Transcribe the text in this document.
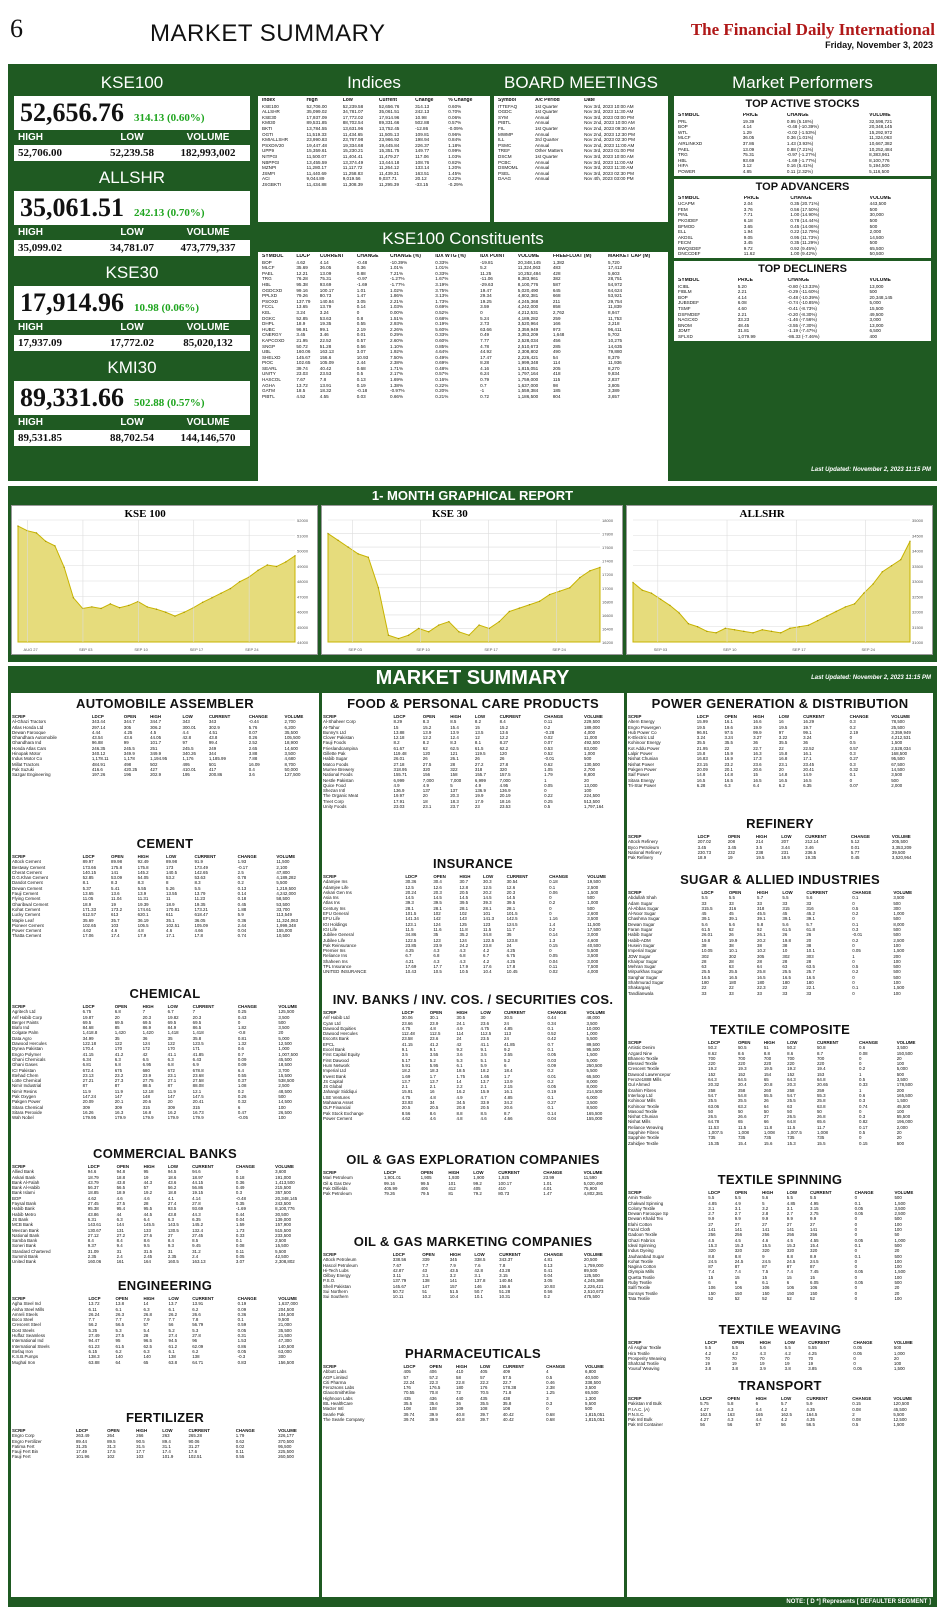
6	MARKET SUMMARY	The Financial Daily International
Friday, November 3, 2023
KSE100
52,656.76 314.13 (0.60%)
HIGH	LOW	VOLUME
52,706.00	52,239.58	182,993,002
ALLSHR
35,061.51 242.13 (0.70%)
HIGH	LOW	VOLUME
35,099.02	34,781.07	473,779,337
KSE30
17,914.96 10.98 (0.06%)
HIGH	LOW	VOLUME
17,937.09	17,772.02	85,020,132
KMI30
89,331.66 502.88 (0.57%)
HIGH	LOW	VOLUME
89,531.85	88,702.54	144,146,570
Indices
Index	High	Low	Current	Change	% Change
KSE100	52,706.00	52,239.58	52,656.76	314.13	0.60%
ALLSHR	35,099.02	34,781.07	35,061.51	242.13	0.70%
KSE30	17,937.09	17,772.02	17,914.96	10.98	0.06%
KMI30	89,531.85	88,702.54	89,331.66	502.88	0.57%
BKTI	13,784.55	13,631.96	13,752.45	-12.86	-0.09%
OGTI	11,519.33	11,434.65	11,505.13	109.81	0.96%
KMIALLSHR	23,990.83	23,767.98	23,966.92	198.94	0.84%
PSXDIV20	19,447.48	19,334.68	19,445.84	226.37	1.18%
UPP9	15,359.61	15,230.21	15,351.75	149.77	0.99%
NITPGI	11,500.07	11,404.41	11,479.27	117.06	1.03%
NBPPGI	13,455.59	13,374.49	13,444.18	108.76	0.82%
MZNPI	11,280.17	11,117.72	11,264.12	133.14	1.20%
JSMFI	11,440.69	11,258.83	11,439.31	163.51	1.45%
ACI	9,044.89	9,019.56	9,037.71	20.12	0.22%
JSGBKTI	11,434.88	11,308.39	11,295.39	-33.15	-0.29%
BOARD MEETINGS
Symbol	A/c Period	Date
ITTEFAQ	1st Quarter	Nov 3rd, 2023 10:00 AM
OGDC	1st Quarter	Nov 3rd, 2023 11:30 AM
SYM	Annual	Nov 3rd, 2023 03:00 PM
PIBTL	Annual	Nov 2nd, 2023 10:00 AM
FIL	1st Quarter	Nov 2nd, 2023 09:30 AM
MWMP	Annual	Nov 2nd, 2023 12:30 PM
ILL	3rd Quarter	Nov 2nd, 2023 02:30 PM
PSMC	Annual	Nov 2nd, 2023 11:00 AM
TREF	Other Matters	Nov 3rd, 2023 01:00 PM
DSCM	1st Quarter	Nov 3rd, 2023 10:00 AM
PCBC	Annual	Nov 3rd, 2023 11:00 AM
DSMOML	Annual	Nov 3rd, 2023 11:30 AM
PSEL	Annual	Nov 3rd, 2023 02:30 PM
DAAG	Annual	Nov 4th, 2023 03:00 PM
KSE100 Constituents
SYMBOL	LDCP	CURRENT	CHANGE	CHANGE (%)	IDX WTG (%)	IDX POINT	VOLUME	FREEFLOAT (M)	MARKET CAP (M)
BOP	4.62	4.14	-0.48	-10.39%	0.33%	-19.81	20,348,145	1,382	5,720
MLCF	35.69	36.05	0.36	1.01%	1.01%	5.2	11,324,063	483	17,412
PAEL	12.21	13.09	0.88	7.21%	0.33%	11.25	10,252,484	428	5,603
TRG	76.28	75.31	-0.97	-1.27%	1.67%	-11.06	8,383,961	382	28,751
HBL	95.38	93.69	-1.69	-1.77%	3.19%	-29.63	8,100,776	587	54,972
OGDCXD	99.16	100.17	1.01	1.02%	3.75%	19.47	5,020,490	645	64,624
PPLXD	79.26	80.73	1.47	1.86%	3.13%	29.34	4,802,381	668	53,921
PSOXD	137.79	140.84	3.05	2.21%	1.73%	19.25	4,245,368	211	29,754
FCCL	13.65	13.79	0.14	1.03%	0.69%	3.59	4,242,000	858	11,839
KEL	3.24	3.24	0	0.00%	0.52%	0	4,212,531	2,762	8,947
DGKC	52.85	53.63	0.8	1.51%	0.68%	5.24	4,189,282	259	11,753
DHPL	18.9	19.35	0.55	2.93%	0.19%	2.73	3,520,964	166	3,218
HUBC	96.91	99.1	2.19	2.26%	5.60%	63.66	3,359,949	973	96,411
CNERGY	3.45	3.46	0.01	0.29%	0.33%	0.49	3,353,209	1,648	5,702
KAPCOXD	21.95	22.52	0.57	2.60%	0.60%	7.77	2,528,034	456	10,275
SNGP	50.72	51.28	0.56	1.10%	0.85%	4.78	2,510,673	285	14,635
UBL	160.06	163.13	3.07	1.92%	4.64%	44.92	2,308,802	490	79,880
SHELXD	145.67	156.6	10.93	7.50%	0.49%	17.47	2,226,421	54	8,379
PIOC	102.65	105.09	2.44	2.38%	0.69%	8.28	1,999,348	114	11,936
SEARL	39.74	40.42	0.68	1.71%	0.48%	4.16	1,815,051	205	8,270
UNITY	23.03	23.53	0.5	2.17%	0.57%	6.24	1,797,164	418	9,834
HASCOL	7.67	7.8	0.13	1.69%	0.16%	0.79	1,759,000	115	2,837
AGHA	13.72	13.91	0.19	1.38%	0.22%	0.7	1,637,000	98	3,805
GATM	18.5	18.32	-0.18	-0.97%	0.20%	-1	1,559,384	185	3,389
PIBTL	4.52	4.55	0.03	0.66%	0.21%	0.72	1,186,500	804	3,657
Market Performers
TOP ACTIVE STOCKS
SYMBOL	PRICE	CHANGE	VOLUME
PRL	19.39	0.95 (5.18%)	32,598,721
BOP	4.14	-0.48 (-10.39%)	20,348,145
WTL	1.29	-0.02 (-1.53%)	15,292,972
MLCF	36.05	0.36 (1.01%)	11,324,063
AIRLINKXD	37.86	1.43 (3.93%)	10,667,382
PAEL	13.09	0.88 (7.21%)	10,252,484
TRG	75.31	-0.97 (-1.27%)	8,383,961
HBL	93.69	-1.69 (-1.77%)	8,100,776
HIFA	3.12	0.16 (5.41%)	5,194,500
POWER	4.85	0.11 (2.32%)	5,116,500
TOP ADVANCERS
SYMBOL	PRICE	CHANGE	VOLUME
UCAPM	2.04	0.35 (20.71%)	443,500
FEM	3.76	0.56 (17.50%)	500
PINL	7.71	1.00 (14.90%)	30,000
PKGIDEF	6.18	0.78 (14.44%)	500
BFMOD	3.65	0.45 (14.06%)	500
ELL	1.94	0.22 (12.79%)	2,000
AKDSL	9.05	0.95 (11.73%)	14,500
FECM	3.45	0.35 (11.29%)	500
BWQSDEF	9.72	0.92 (9.45%)	65,500
DNCCDEF	11.62	1.00 (9.42%)	50,500
TOP DECLINERS
SYMBOL	PRICE	CHANGE	VOLUME
ICIBL	5.20	-0.80 (-13.33%)	13,000
FIBLM	2.21	-0.29 (-11.60%)	500
BOP	4.14	-0.48 (-10.39%)	20,348,145
JUBSDEF	6.08	-0.74 (-10.85%)	5,000
TSMF	4.60	-0.41 (-8.73%)	15,500
DSFMDEF	2.21	-0.20 (-8.30%)	49,500
NAGCXD	33.23	-1.46 (-7.56%)	3,000
BNOM	48.45	-3.55 (-7.30%)	13,000
JDMT	31.81	-1.19 (-7.47%)	6,500
SFLXD	1,079.99	-86.33 (-7.46%)	400
Last Updated: November 2, 2023 11:15 PM
1- MONTH GRAPHICAL REPORT
KSE 100
52000
51000
50000
49000
48000
47000
46000
45000
44000
AUG 27	SEP 03	SEP 10	SEP 17	SEP 24
KSE 30
18000
17800
17600
17400
17200
17000
16800
16600
16400
16200
SEP 03	SEP 10	SEP 17	SEP 24
ALLSHR
35000
34500
34000
33500
33000
32500
32000
31500
31000
SEP 03	SEP 10	SEP 17	SEP 24
MARKET SUMMARY	Last Updated: November 2, 2023 11:15 PM
AUTOMOBILE ASSEMBLER
SCRIP	LDCP	OPEN	HIGH	LOW	CURRENT	CHANGE	VOLUME
Al-Ghazi Tractors	343.44	344.7	344.7	343	343	-0.44	2,700
Atlas Honda Ltd	297.14	305	306.2	300.01	302.9	5.76	6,200
Dewan Farooque	4.44	4.25	4.5	4.4	4.51	0.07	35,500
Ghandhara Automobile	43.54	43.6	44.05	42.8	43.8	0.26	105,500
Ghandhara Ind	96.88	99	101.7	97	99.4	2.52	18,900
Honda Atlas Cars	246.35	245.5	251	245.5	249	2.65	14,600
Hinopak Motor	340.12	349.9	349.9	340.26	344	3.88	3,500
Indus Motor Co	1,178.11	1,178	1,194.95	1,176	1,185.99	7.88	4,680
Millat Tractors	484.91	498	502	495	501	16.09	8,700
Pak Suzuki	416.6	420.25	427	410.01	417	0.4	50,000
Sazgar Engineering	197.26	196	202.9	195	200.86	3.6	127,500
CEMENT
SCRIP	LDCP	OPEN	HIGH	LOW	CURRENT	CHANGE	VOLUME
Attock Cement	89.97	89.98	92.49	89.98	91.9	1.93	11,500
Bestway Cement	173.66	175.8	175.8	173	173.49	-0.17	2,100
Cherat Cement	140.15	141	145.2	140.5	142.65	2.5	47,800
D.G.Khan Cement	52.85	53.09	54.05	53.2	53.63	0.78	4,189,282
Dandot Cement	8.1	8.3	8.3	8	8.3	0.2	5,500
Dewan Cement	5.37	5.41	5.55	5.26	5.5	0.13	1,219,500
Fauji Cement	13.65	13.6	13.9	13.55	13.79	0.14	4,242,000
Flying Cement	11.05	11.04	11.31	11	11.23	0.18	58,500
Gharibwal Cement	18.9	19	19.39	18.9	19.35	0.45	53,500
Kohat Cement	171.33	173.2	174.61	170.81	173.21	1.88	33,700
Lucky Cement	612.57	613	620.1	611	618.47	5.9	113,549
Maple Leaf	35.69	35.7	36.19	35.1	36.05	0.36	11,324,063
Pioneer Cement	102.65	103	105.5	102.51	105.09	2.44	1,999,348
Power Cement	4.62	4.6	4.8	4.6	4.66	0.04	155,000
Thatta Cement	17.06	17.4	17.9	17.1	17.8	0.74	10,500
CHEMICAL
SCRIP	LDCP	OPEN	HIGH	LOW	CURRENT	CHANGE	VOLUME
Agritech Ltd	6.75	6.8	7	6.7	7	0.25	125,500
Arif Habib Corp	19.87	20	20.3	19.82	20.3	0.43	3,500
Berger Paints	69.5	69.5	69.5	69.5	69.5	0	500
Biafo Ind	84.68	85	86.9	84.9	86.5	1.82	3,500
Colgate Palm	1,418.8	1,420	1,420	1,418	1,418	-0.8	20
Data Agro	34.99	35	36	35	35.8	0.81	5,000
Dawood Hercules	122.18	122	124	122	123.5	1.32	12,500
Dynea Pakistan	170.4	170	172	170	171	0.6	1,000
Engro Polymer	41.15	41.2	42	41.1	41.85	0.7	1,007,500
Ghani Chemicals	6.34	6.3	6.5	6.3	6.43	0.09	45,500
Ghani Gases	6.81	6.8	6.95	6.8	6.9	0.09	18,500
ICI Pakistan	672.4	675	680	672	678.8	6.4	3,700
Ittehad Chem	23.13	23.2	23.9	23.1	23.68	0.55	15,500
Lotte Chemical	27.21	27.3	27.75	27.1	27.58	0.37	538,500
Nimir Industrial	87	87	88.5	87	88.08	1.08	2,500
Nimir Resins	11.9	11.9	12.18	11.9	12.1	0.2	48,500
Pak Oxygen	147.24	147	148	147	147.5	0.26	500
Pakgen Power	20.09	20.1	20.6	20	20.41	0.32	14,500
Sitara Chemical	309	309	315	309	315	6	100
Sitara Peroxide	16.26	16.3	16.8	16.2	16.73	0.47	26,500
Wah Nobel	179.95	179.9	179.9	179.9	179.9	-0.05	100
COMMERCIAL BANKS
SCRIP	LDCP	OPEN	HIGH	LOW	CURRENT	CHANGE	VOLUME
Allied Bank	94.6	94.8	95	94.5	94.6	0	3,600
Askari Bank	18.79	18.8	19	18.6	18.97	0.18	191,000
Bank Al-Falah	43.79	43.8	44.3	43.6	44.15	0.36	1,413,500
Bank Al-Habib	56.37	56.5	57	56.2	56.86	0.49	215,500
Bank Islami	18.85	18.9	19.2	18.8	19.15	0.3	357,500
BOP	4.62	4.6	4.6	4.1	4.14	-0.48	20,348,145
Faysal Bank	27.45	27.5	28	27.4	27.8	0.35	243,500
Habib Bank	95.38	95.4	95.5	93.5	93.69	-1.69	8,100,776
Habib Metro	43.86	44	44.5	43.8	44.3	0.44	30,500
JS Bank	6.31	6.3	6.4	6.3	6.35	0.04	139,000
MCB Bank	143.61	144	145.5	143.5	145.2	1.59	157,900
Meezan Bank	130.67	131	133	130.5	132.4	1.73	515,500
National Bank	27.12	27.2	27.6	27	27.45	0.33	233,500
Samba Bank	8.4	8.4	8.6	8.4	8.5	0.1	2,500
Soneri Bank	9.37	9.4	9.5	9.3	9.45	0.08	15,500
Standard Chartered	31.09	31	31.5	31	31.2	0.11	5,500
Summit Bank	2.35	2.4	2.45	2.35	2.4	0.05	42,500
United Bank	160.06	161	164	160.5	163.13	3.07	2,308,802
ENGINEERING
SCRIP	LDCP	OPEN	HIGH	LOW	CURRENT	CHANGE	VOLUME
Agha Steel Ind	13.72	13.8	14	13.7	13.91	0.19	1,637,000
Aisha Steel Mills	6.11	6.1	6.3	6.1	6.2	0.09	204,500
Amreli Steels	26.24	26.3	26.8	26.2	26.6	0.36	104,500
Boco Steel	7.7	7.7	7.9	7.7	7.8	0.1	9,500
Crescent Steel	56.2	56.5	57	56	56.79	0.59	21,000
Dost Steels	5.25	5.3	5.4	5.2	5.3	0.05	35,500
Huffaz Seamless	27.49	27.5	28	27.4	27.8	0.31	21,500
International Ind	94.47	95	96.5	94.5	96	1.53	47,300
International Steels	61.23	61.5	62.5	61.2	62.09	0.86	140,500
Ittefaq Iron	6.15	6.2	6.3	6.1	6.2	0.05	63,000
K.S.B.Pumps	138.3	140	140	138	138	-0.3	300
Mughal Iron	63.88	64	65	63.8	64.71	0.83	156,500
FERTILIZER
SCRIP	LDCP	OPEN	HIGH	LOW	CURRENT	CHANGE	VOLUME
Engro Corp	263.49	264	266	263	265.28	1.79	226,177
Engro Fertilizer	89.44	89.5	90.5	89.4	90.06	0.62	370,500
Fatima Fert	31.25	31.3	31.5	31.1	31.27	0.02	95,500
Fauji Fert Bin	17.49	17.5	17.7	17.4	17.6	0.11	225,500
Fauji Fert	101.96	102	103	101.9	102.51	0.55	260,500
FOOD & PERSONAL CARE PRODUCTS
SCRIP	LDCP	OPEN	HIGH	LOW	CURRENT	CHANGE	VOLUME
Al-Shaheer Corp	8.29	8.3	8.5	8.2	8.4	0.11	229,500
At-Tahur	15	15.2	15.4	15	15.2	0.2	189,000
Bunny's Ltd	13.88	13.9	13.9	13.5	13.6	-0.28	4,000
Clover Pakistan	12.18	12.2	12.4	12	12.2	0.02	11,000
Fauji Foods	8.2	8.2	8.3	8.1	8.27	0.07	492,500
Frieslandcampina	61.67	62	62.5	61.5	62.2	0.53	83,000
Gillette Pak	119.48	120	121	119.5	120	0.52	1,000
Habib Sugar	26.01	26	26.1	26	26	-0.01	500
Matco Foods	27.18	27.5	28	27.2	27.8	0.62	130,500
Murree Brewery	318.95	320	322	318	320	1.05	2,700
National Foods	155.71	156	158	155.7	157.5	1.79	8,800
Nestle Pakistan	6,999	7,000	7,000	6,999	7,000	1	20
Quice Food	4.9	4.9	5	4.9	4.95	0.05	13,000
Shezan Intl	136.9	137	137	136.9	136.9	0	100
The Organic Meat	19.97	20	20.3	19.9	20.19	0.22	224,500
Treet Corp	17.91	18	18.3	17.9	18.16	0.25	513,500
Unity Foods	23.03	23.1	23.7	23	23.53	0.5	1,797,164
INSURANCE
SCRIP	LDCP	OPEN	HIGH	LOW	CURRENT	CHANGE	VOLUME
Adamjee Ins	30.36	30.4	30.7	30.3	30.54	0.18	19,500
Adamjee Life	12.5	12.6	12.8	12.5	12.6	0.1	2,500
Askari Gen Ins	20.24	20.3	20.5	20.2	20.3	0.06	1,500
Asia Ins	14.5	14.5	14.5	14.5	14.5	0	500
Atlas Ins	39.3	39.5	39.5	39.3	39.5	0.2	1,000
Century Ins	28.1	28.1	28.1	28.1	28.1	0	500
EFU General	101.5	102	102	101	101.5	0	2,600
EFU Life	141.34	142	143	141.3	142.5	1.16	3,500
IGI Holdings	123.1	124	125	123	124.5	1.4	11,500
IGI Life	11.5	11.6	11.8	11.5	11.7	0.2	17,500
Jubilee General	34.86	35	35.2	34.8	35	0.14	3,000
Jubilee Life	122.5	123	124	122.5	123.8	1.3	4,600
Pak Reinsurance	23.85	23.9	24.2	23.8	24	0.15	40,500
Premier Ins	4.25	4.3	4.3	4.2	4.25	0	5,500
Reliance Ins	6.7	6.8	6.8	6.7	6.75	0.05	3,500
Shaheen Ins	4.21	4.3	4.3	4.2	4.25	0.04	3,000
TPL Insurance	17.69	17.7	17.9	17.6	17.8	0.11	7,500
UNITED INSURANCE	10.43	10.5	10.5	10.4	10.45	0.02	4,000
INV. BANKS / INV. COS. / SECURITIES COS.
SCRIP	LDCP	OPEN	HIGH	LOW	CURRENT	CHANGE	VOLUME
Arif Habib Ltd	30.06	30.1	30.5	30	30.5	0.44	48,000
Cyan Ltd	23.66	23.9	24.1	23.6	24	0.34	3,500
Dawood Equities	4.75	4.8	4.9	4.75	4.85	0.1	10,000
Dawood Hercules	112.48	112.5	114	112.5	113	0.52	1,000
Escorts Bank	23.58	23.6	24	23.5	24	0.42	5,500
EPCL	41.15	41.2	42	41.1	41.85	0.7	89,500
Excel Bank	9.1	9.1	9.2	9.1	9.2	0.1	95,500
First Capital Equity	3.5	3.55	3.6	3.5	3.55	0.05	1,500
First Dawood	5.17	5.2	5.3	5.1	5.2	0.03	5,000
Hum Network	5.91	5.95	6.1	5.9	6	0.09	250,500
Imperial Ltd	18.2	18.3	18.5	18.2	18.4	0.2	5,500
Invest Bank	1.69	1.7	1.75	1.65	1.7	0.01	65,500
JS Capital	13.7	13.7	14	13.7	13.9	0.2	8,000
JS Global	2.1	2.1	2.2	2.1	2.15	0.05	8,000
Jahangir Siddiqui	15.91	16	16.2	15.9	16.1	0.19	214,500
LSE Ventures	4.75	4.8	4.9	4.7	4.85	0.1	6,000
Mahaana Asset	33.93	34	34.5	33.9	34.2	0.27	3,500
OLP Financial	20.5	20.5	20.8	20.5	20.6	0.1	8,500
Pak Stock Exchange	8.56	8.6	8.8	8.5	8.7	0.14	165,500
Power Cement	4.62	4.6	4.8	4.6	4.66	0.04	155,000
OIL & GAS EXPLORATION COMPANIES
SCRIP	LDCP	OPEN	HIGH	LOW	CURRENT	CHANGE	VOLUME
Mari Petroleum	1,901.01	1,905	1,930	1,900	1,925	23.99	11,590
Oil & Gas Dev	99.16	99.5	101	99.2	100.17	1.01	5,020,490
Pak Oilfields	405.99	406	412	405	410	4.01	75,900
Pak Petroleum	79.26	79.5	81	79.2	80.73	1.47	4,802,381
OIL & GAS MARKETING COMPANIES
SCRIP	LDCP	OPEN	HIGH	LOW	CURRENT	CHANGE	VOLUME
Attock Petroleum	338.56	339	345	338.5	343.37	4.81	20,500
Hascol Petroleum	7.67	7.7	7.9	7.6	7.8	0.13	1,759,000
Hi-Tech Lubs	42.87	43	43.5	42.8	43.28	0.41	89,500
Oilboy Energy	3.11	3.1	3.2	3.1	3.15	0.04	125,500
P.S.O.	137.79	138	141	137.8	140.84	3.05	4,245,368
Shell Pakistan	145.67	147	157	146	156.6	10.93	2,226,421
Sui Northern	50.72	51	51.5	50.7	51.28	0.56	2,510,673
Sui Southern	10.11	10.2	10.4	10.1	10.31	0.2	475,500
PHARMACEUTICALS
SCRIP	LDCP	OPEN	HIGH	LOW	CURRENT	CHANGE	VOLUME
Abbott Labs	405	406	410	405	409	4	6,800
AGP Limited	57	57.2	58	57	57.5	0.5	40,500
Citi Pharma	22.24	22.3	22.8	22.2	22.7	0.46	338,500
Ferozsons Labs	176	176.5	180	176	178.38	2.38	3,500
GlaxoSmithKline	70.55	70.8	72	70.5	71.8	1.25	65,500
Highnoon Labs	435	436	440	435	438	3	1,300
IBL HealthCare	35.5	35.6	36	35.5	35.8	0.3	5,500
Macter Intl	108	108	109	108	108	0	500
Searle Pak	39.74	39.9	40.8	39.7	40.42	0.68	1,815,051
The Searle Company	39.74	39.9	40.8	39.7	40.42	0.68	1,815,051
POWER GENERATION & DISTRIBUTION
SCRIP	LDCP	OPEN	HIGH	LOW	CURRENT	CHANGE	VOLUME
Altern Energy	15.99	16.1	16.6	16	16.29	0.3	78,500
Engro Powergen	19.5	19.6	19.9	19.5	19.7	0.2	25,500
Hub Power Co	96.91	97.5	99.9	97	99.1	2.19	3,359,949
K-Electric Ltd	3.24	3.24	3.27	3.22	3.24	0	4,212,531
Kohinoor Energy	35.5	35.5	36	35.5	36	0.5	1,500
Kot Addu Power	21.95	22	22.7	22	22.52	0.57	2,528,034
Lalpir Power	15.8	15.9	16.3	15.8	16.1	0.3	168,500
Nishat Chunian	16.83	16.9	17.3	16.8	17.1	0.27	95,500
Nishat Power	23.15	23.2	23.6	23.1	23.45	0.3	67,500
Pakgen Power	20.09	20.1	20.6	20	20.41	0.32	14,500
Saif Power	14.8	14.8	15	14.8	14.9	0.1	3,500
Sitara Energy	16.5	16.5	16.5	16.5	16.5	0	500
Tri-Star Power	6.28	6.3	6.4	6.2	6.35	0.07	2,000
REFINERY
SCRIP	LDCP	OPEN	HIGH	LOW	CURRENT	CHANGE	VOLUME
Attock Refinery	207.02	208	214	207	212.14	5.12	205,500
Byco Petroleum	3.45	3.45	3.5	3.44	3.46	0.01	3,353,209
National Refinery	230.73	232	238	231	236.5	5.77	39,500
Pak Refinery	18.9	19	19.5	18.9	19.35	0.45	3,520,964
SUGAR & ALLIED INDUSTRIES
SCRIP	LDCP	OPEN	HIGH	LOW	CURRENT	CHANGE	VOLUME
Abdullah Shah	5.5	5.5	5.7	5.5	5.6	0.1	3,500
Adam Sugar	33	33	33	33	33	0	500
Al-Abbas Sugar	315.5	316	318	315	316	0.5	300
Al-Noor Sugar	45	45	45.5	45	45.2	0.2	1,000
Chashma Sugar	39.1	39.1	39.1	39.1	39.1	0	500
Dewan Sugar	5.6	5.6	5.8	5.6	5.7	0.1	8,000
Faran Sugar	61.5	62	62	61.5	61.8	0.3	500
Habib Sugar	26.01	26	26.1	26	26	-0.01	500
Habib-ADM	19.8	19.9	20.2	19.8	20	0.2	2,500
Husein Sugar	38	38	38	38	38	0	100
Imperial Sugar	10.05	10.1	10.2	10	10.1	0.05	1,500
JDW Sugar	302	302	305	302	303	1	200
Khairpur Sugar	28	28	28	28	28	0	100
Mehran Sugar	63	63	64	63	63.5	0.5	500
Mirpurkhas Sugar	25.5	25.5	25.8	25.5	25.7	0.2	500
Sanghar Sugar	16.5	16.5	16.5	16.5	16.5	0	500
Shahmurad Sugar	180	180	180	180	180	0	100
Shakarganj	22	22	22.3	22	22.1	0.1	1,500
Tandlianwala	33	33	33	33	33	0	100
TEXTILE COMPOSITE
SCRIP	LDCP	OPEN	HIGH	LOW	CURRENT	CHANGE	VOLUME
Artistic Denim	50.2	50.5	51	50.2	50.8	0.6	3,500
Azgard Nine	8.62	8.6	8.8	8.6	8.7	0.08	150,500
Bhanero Textile	700	700	700	700	700	0	20
Blessed Textile	220	220	220	220	220	0	100
Crescent Textile	19.2	19.3	19.5	19.2	19.4	0.2	5,000
Dawood Lawrencepur	152	152	154	152	153	1	500
Feroze1888 Mills	64.3	64.5	65	64.3	64.8	0.5	3,500
Gul Ahmed	20.32	20.4	20.8	20.3	20.65	0.33	178,500
Ibrahim Fibres	258	258	260	258	259	1	200
Interloop Ltd	54.7	54.8	55.5	54.7	55.3	0.6	165,500
Kohinoor Mills	25.5	25.5	26	25.5	25.8	0.3	1,500
Kohinoor Textile	63.06	63.2	64	63	63.8	0.74	45,500
Masood Textile	50	50	50	50	50	0	100
Nishat Chunian	26.5	26.6	27	26.5	26.8	0.3	55,500
Nishat Mills	64.78	65	66	64.8	65.6	0.82	196,000
Reliance Weaving	11.53	11.5	11.8	11.5	11.7	0.17	2,000
Sapphire Fibres	1,007.5	1,008	1,008	1,007.5	1,008	0.5	20
Sapphire Textile	735	735	735	735	735	0	20
Zahidjee Textile	15.35	15.4	15.6	15.3	15.5	0.15	500
TEXTILE SPINNING
SCRIP	LDCP	OPEN	HIGH	LOW	CURRENT	CHANGE	VOLUME
Amin Textile	5.5	5.5	5.6	5.5	5.5	0	500
Chakwal Spinning	4.85	4.9	5	4.85	4.95	0.1	1,500
Colony Textile	3.1	3.1	3.2	3.1	3.15	0.05	3,500
Dewan Farooque Sp	2.7	2.7	2.8	2.7	2.75	0.05	2,500
Dewan Khalid Tex	9.9	9.9	9.9	9.9	9.9	0	500
Elahi Cotton	27	27	27	27	27	0	100
Fazal Cloth	141	141	141	141	141	0	100
Gadoon Textile	256	256	256	256	256	0	50
Ghazi Fabrics	4.5	4.5	4.6	4.5	4.55	0.05	1,000
Ideal Spinning	15.3	15.3	15.5	15.3	15.4	0.1	500
Indus Dyeing	320	320	320	320	320	0	20
Jauharabad Sugar	8.8	8.8	9	8.8	8.9	0.1	500
Kohat Textile	24.5	24.5	24.5	24.5	24.5	0	100
Nagina Cotton	87	87	87	87	87	0	100
Olympia Mills	7.4	7.4	7.5	7.4	7.45	0.05	1,500
Quetta Textile	15	15	15	15	15	0	100
Ruby Textile	6	6	6.1	6	6.05	0.05	500
Salfi Textile	106	106	106	106	106	0	20
Sunrays Textile	150	150	150	150	150	0	20
Tata Textile	52	52	52	52	52	0	100
TEXTILE WEAVING
SCRIP	LDCP	OPEN	HIGH	LOW	CURRENT	CHANGE	VOLUME
Ali Asghar Textile	5.5	5.5	5.6	5.5	5.55	0.05	500
Hira Textile	4.2	4.2	4.3	4.2	4.25	0.05	1,000
Prosperity Weaving	70	70	70	70	70	0	20
Shahzad Textile	19	19	19	19	19	0	100
Yousuf Weaving	3.8	3.8	3.9	3.8	3.85	0.05	1,500
TRANSPORT
SCRIP	LDCP	OPEN	HIGH	LOW	CURRENT	CHANGE	VOLUME
Pakistan Intl Bulk	5.75	5.8	6	5.7	5.9	0.15	120,500
P.I.A.C. (A)	4.27	4.3	4.4	4.2	4.35	0.08	45,500
P.N.S.C.	162.5	163	165	162.5	164.5	2	5,500
Pak Intl Bulk	4.27	4.3	4.4	4.2	4.35	0.08	12,500
Pak Intl Container	56	56	57	56	56.5	0.5	1,500
NOTE: [ D *] Represents [ DEFAULTER SEGMENT ]
